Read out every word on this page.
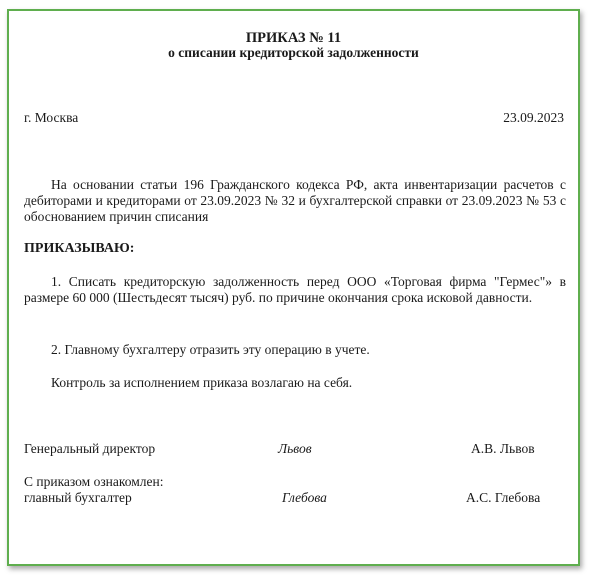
ПРИКАЗ № 11
о списании кредиторской задолженности
г. Москва	23.09.2023
На основании статьи 196 Гражданского кодекса РФ, акта инвентаризации расчетов с дебиторами и кредиторами от 23.09.2023 № 32 и бухгалтерской справки от 23.09.2023 № 53 с обоснованием причин списания
ПРИКАЗЫВАЮ:
1. Списать кредиторскую задолженность перед ООО «Торговая фирма "Гермес"» в размере 60 000 (Шестьдесят тысяч) руб. по причине окончания срока исковой давности.
2. Главному бухгалтеру отразить эту операцию в учете.
Контроль за исполнением приказа возлагаю на себя.
Генеральный директор	Львов	А.В. Львов
С приказом ознакомлен:
главный бухгалтер	Глебова	А.С. Глебова
